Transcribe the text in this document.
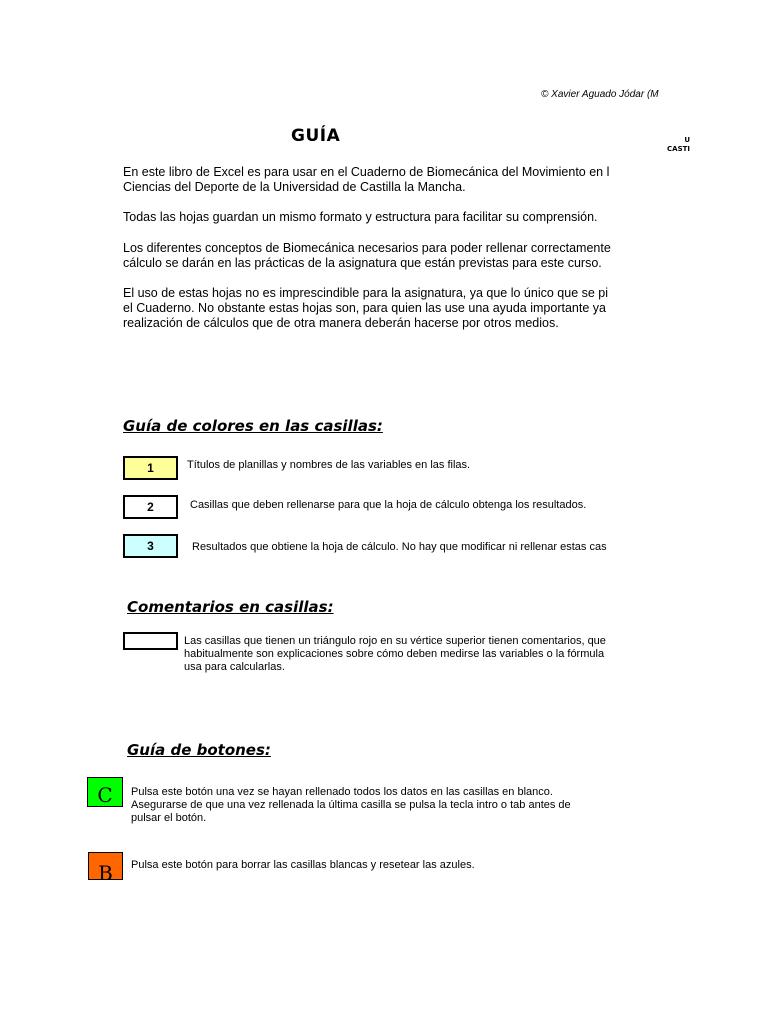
© Xavier Aguado Jódar (M
GUÍA	U
CASTI
En este libro de Excel es para usar en el Cuaderno de Biomecánica del Movimiento en l
Ciencias del Deporte de la Universidad de Castilla la Mancha.
Todas las hojas guardan un mismo formato y estructura para facilitar su comprensión.
Los diferentes conceptos de Biomecánica necesarios para poder rellenar correctamente
cálculo se darán en las prácticas de la asignatura que están previstas para este curso.
El uso de estas hojas no es imprescindible para la asignatura, ya que lo único que se pi
el Cuaderno. No obstante estas hojas son, para quien las use una ayuda importante ya
realización de cálculos que de otra manera deberán hacerse por otros medios.
Guía de colores en las casillas:
1	Títulos de planillas y nombres de las variables en las filas.
2	Casillas que deben rellenarse para que la hoja de cálculo obtenga los resultados.
3	Resultados que obtiene la hoja de cálculo. No hay que modificar ni rellenar estas cas
Comentarios en casillas:
Las casillas que tienen un triángulo rojo en su vértice superior tienen comentarios, que
habitualmente son explicaciones sobre cómo deben medirse las variables o la fórmula
usa para calcularlas.
Guía de botones:
C	Pulsa este botón una vez se hayan rellenado todos los datos en las casillas en blanco.
Asegurarse de que una vez rellenada la última casilla se pulsa la tecla intro o tab antes de
pulsar el botón.
B	Pulsa este botón para borrar las casillas blancas y resetear las azules.
